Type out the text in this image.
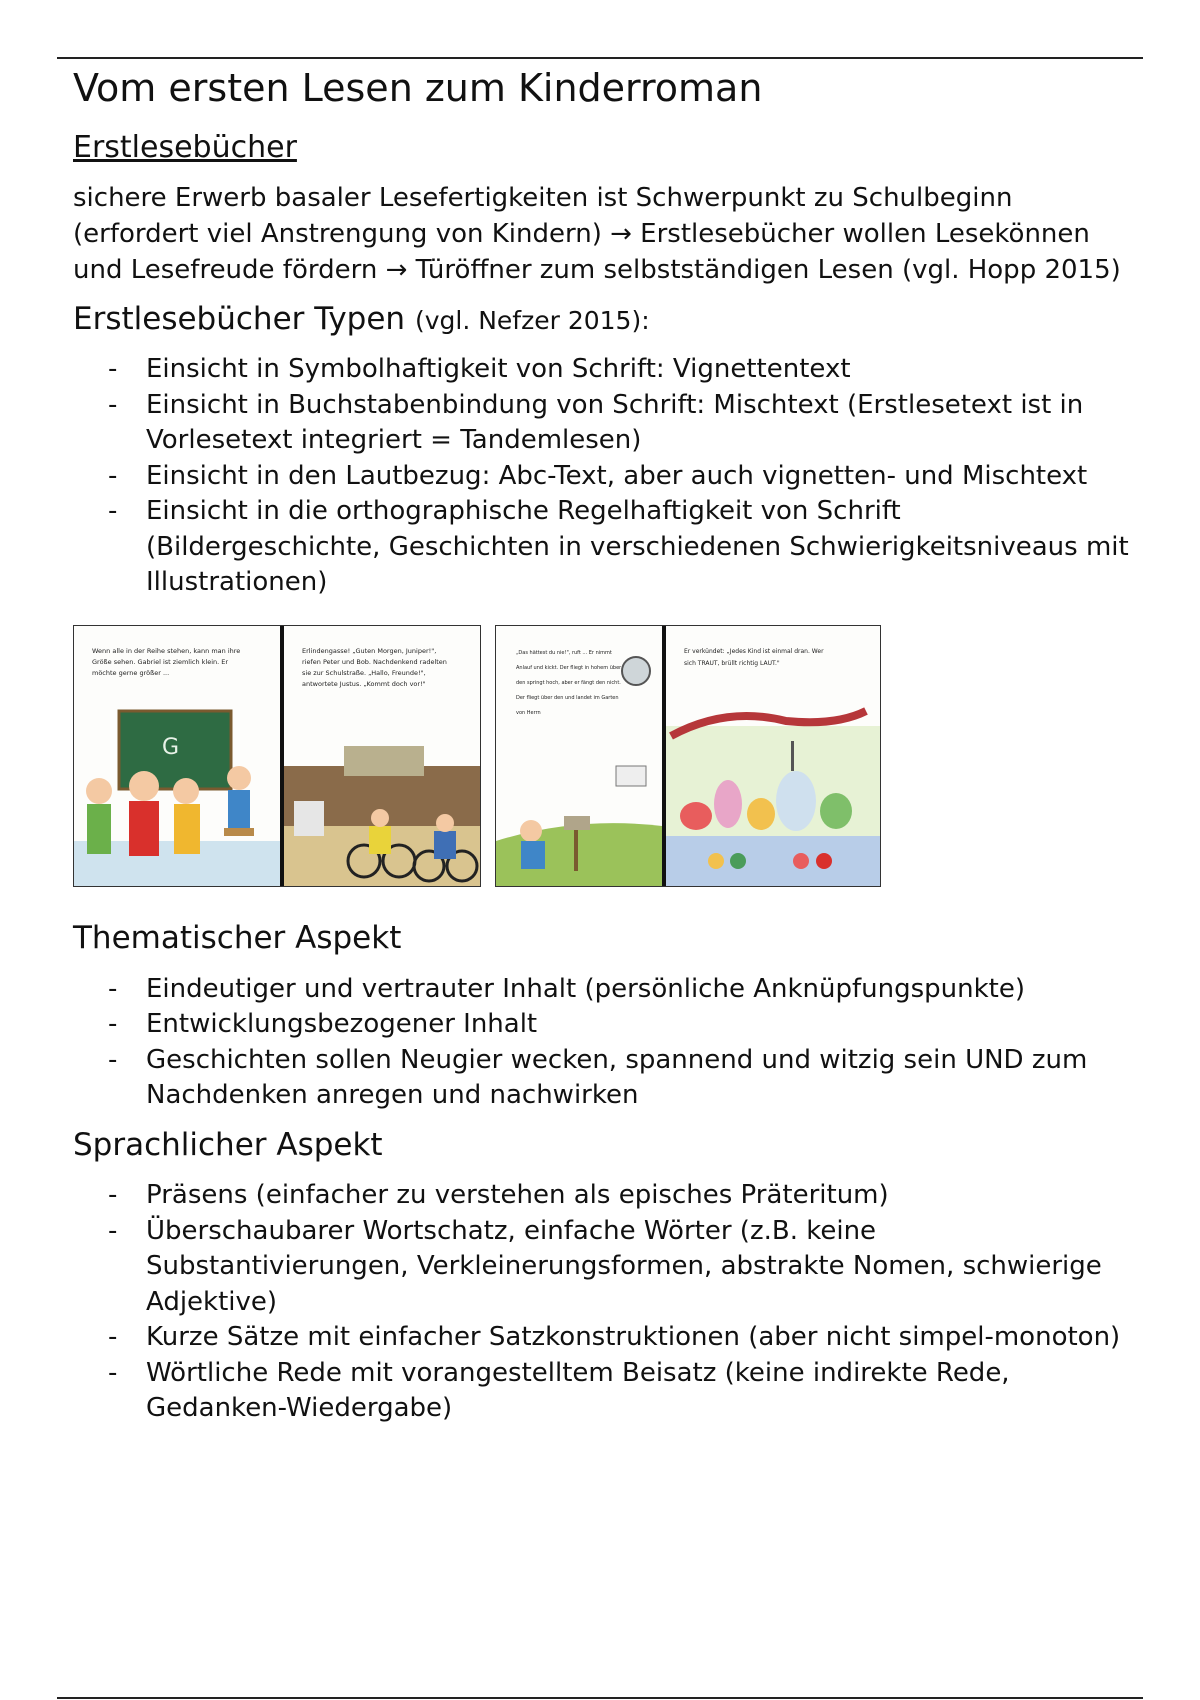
Vom ersten Lesen zum Kinderroman
Erstlesebücher

sichere Erwerb basaler Lesefertigkeiten ist Schwerpunkt zu Schulbeginn (erfordert viel Anstrengung von Kindern) → Erstlesebücher wollen Lesekönnen und Lesefreude fördern → Türöffner zum selbstständigen Lesen (vgl. Hopp 2015)

Erstlesebücher Typen (vgl. Nefzer 2015):
- Einsicht in Symbolhaftigkeit von Schrift: Vignettentext
- Einsicht in Buchstabenbindung von Schrift: Mischtext (Erstlesetext ist in Vorlesetext integriert = Tandemlesen)
- Einsicht in den Lautbezug: Abc-Text, aber auch vignetten- und Mischtext
- Einsicht in die orthographische Regelhaftigkeit von Schrift (Bildergeschichte, Geschichten in verschiedenen Schwierigkeitsniveaus mit Illustrationen)
Wenn alle in der Reihe stehen, kann man ihre Größe sehen. Gabriel ist ziemlich klein. Er möchte gerne größer ...
G
Erlindengasse! „Guten Morgen, Juniper!", riefen Peter und Bob. Nachdenkend radelten sie zur Schulstraße. „Hallo, Freunde!", antwortete Justus. „Kommt doch vor!"
„Das hättest du nie!", ruft ... Er nimmt Anlauf und kickt. Der fliegt in hohem über den springt hoch, aber er fängt den nicht. Der fliegt über den und landet im Garten von Herrn
Er verkündet: „Jedes Kind ist einmal dran. Wer sich TRAUT, brüllt richtig LAUT."
Thematischer Aspekt
- Eindeutiger und vertrauter Inhalt (persönliche Anknüpfungspunkte)
- Entwicklungsbezogener Inhalt
- Geschichten sollen Neugier wecken, spannend und witzig sein UND zum Nachdenken anregen und nachwirken
Sprachlicher Aspekt
- Präsens (einfacher zu verstehen als episches Präteritum)
- Überschaubarer Wortschatz, einfache Wörter (z.B. keine Substantivierungen, Verkleinerungsformen, abstrakte Nomen, schwierige Adjektive)
- Kurze Sätze mit einfacher Satzkonstruktionen (aber nicht simpel-monoton)
- Wörtliche Rede mit vorangestelltem Beisatz (keine indirekte Rede, Gedanken-Wiedergabe)
